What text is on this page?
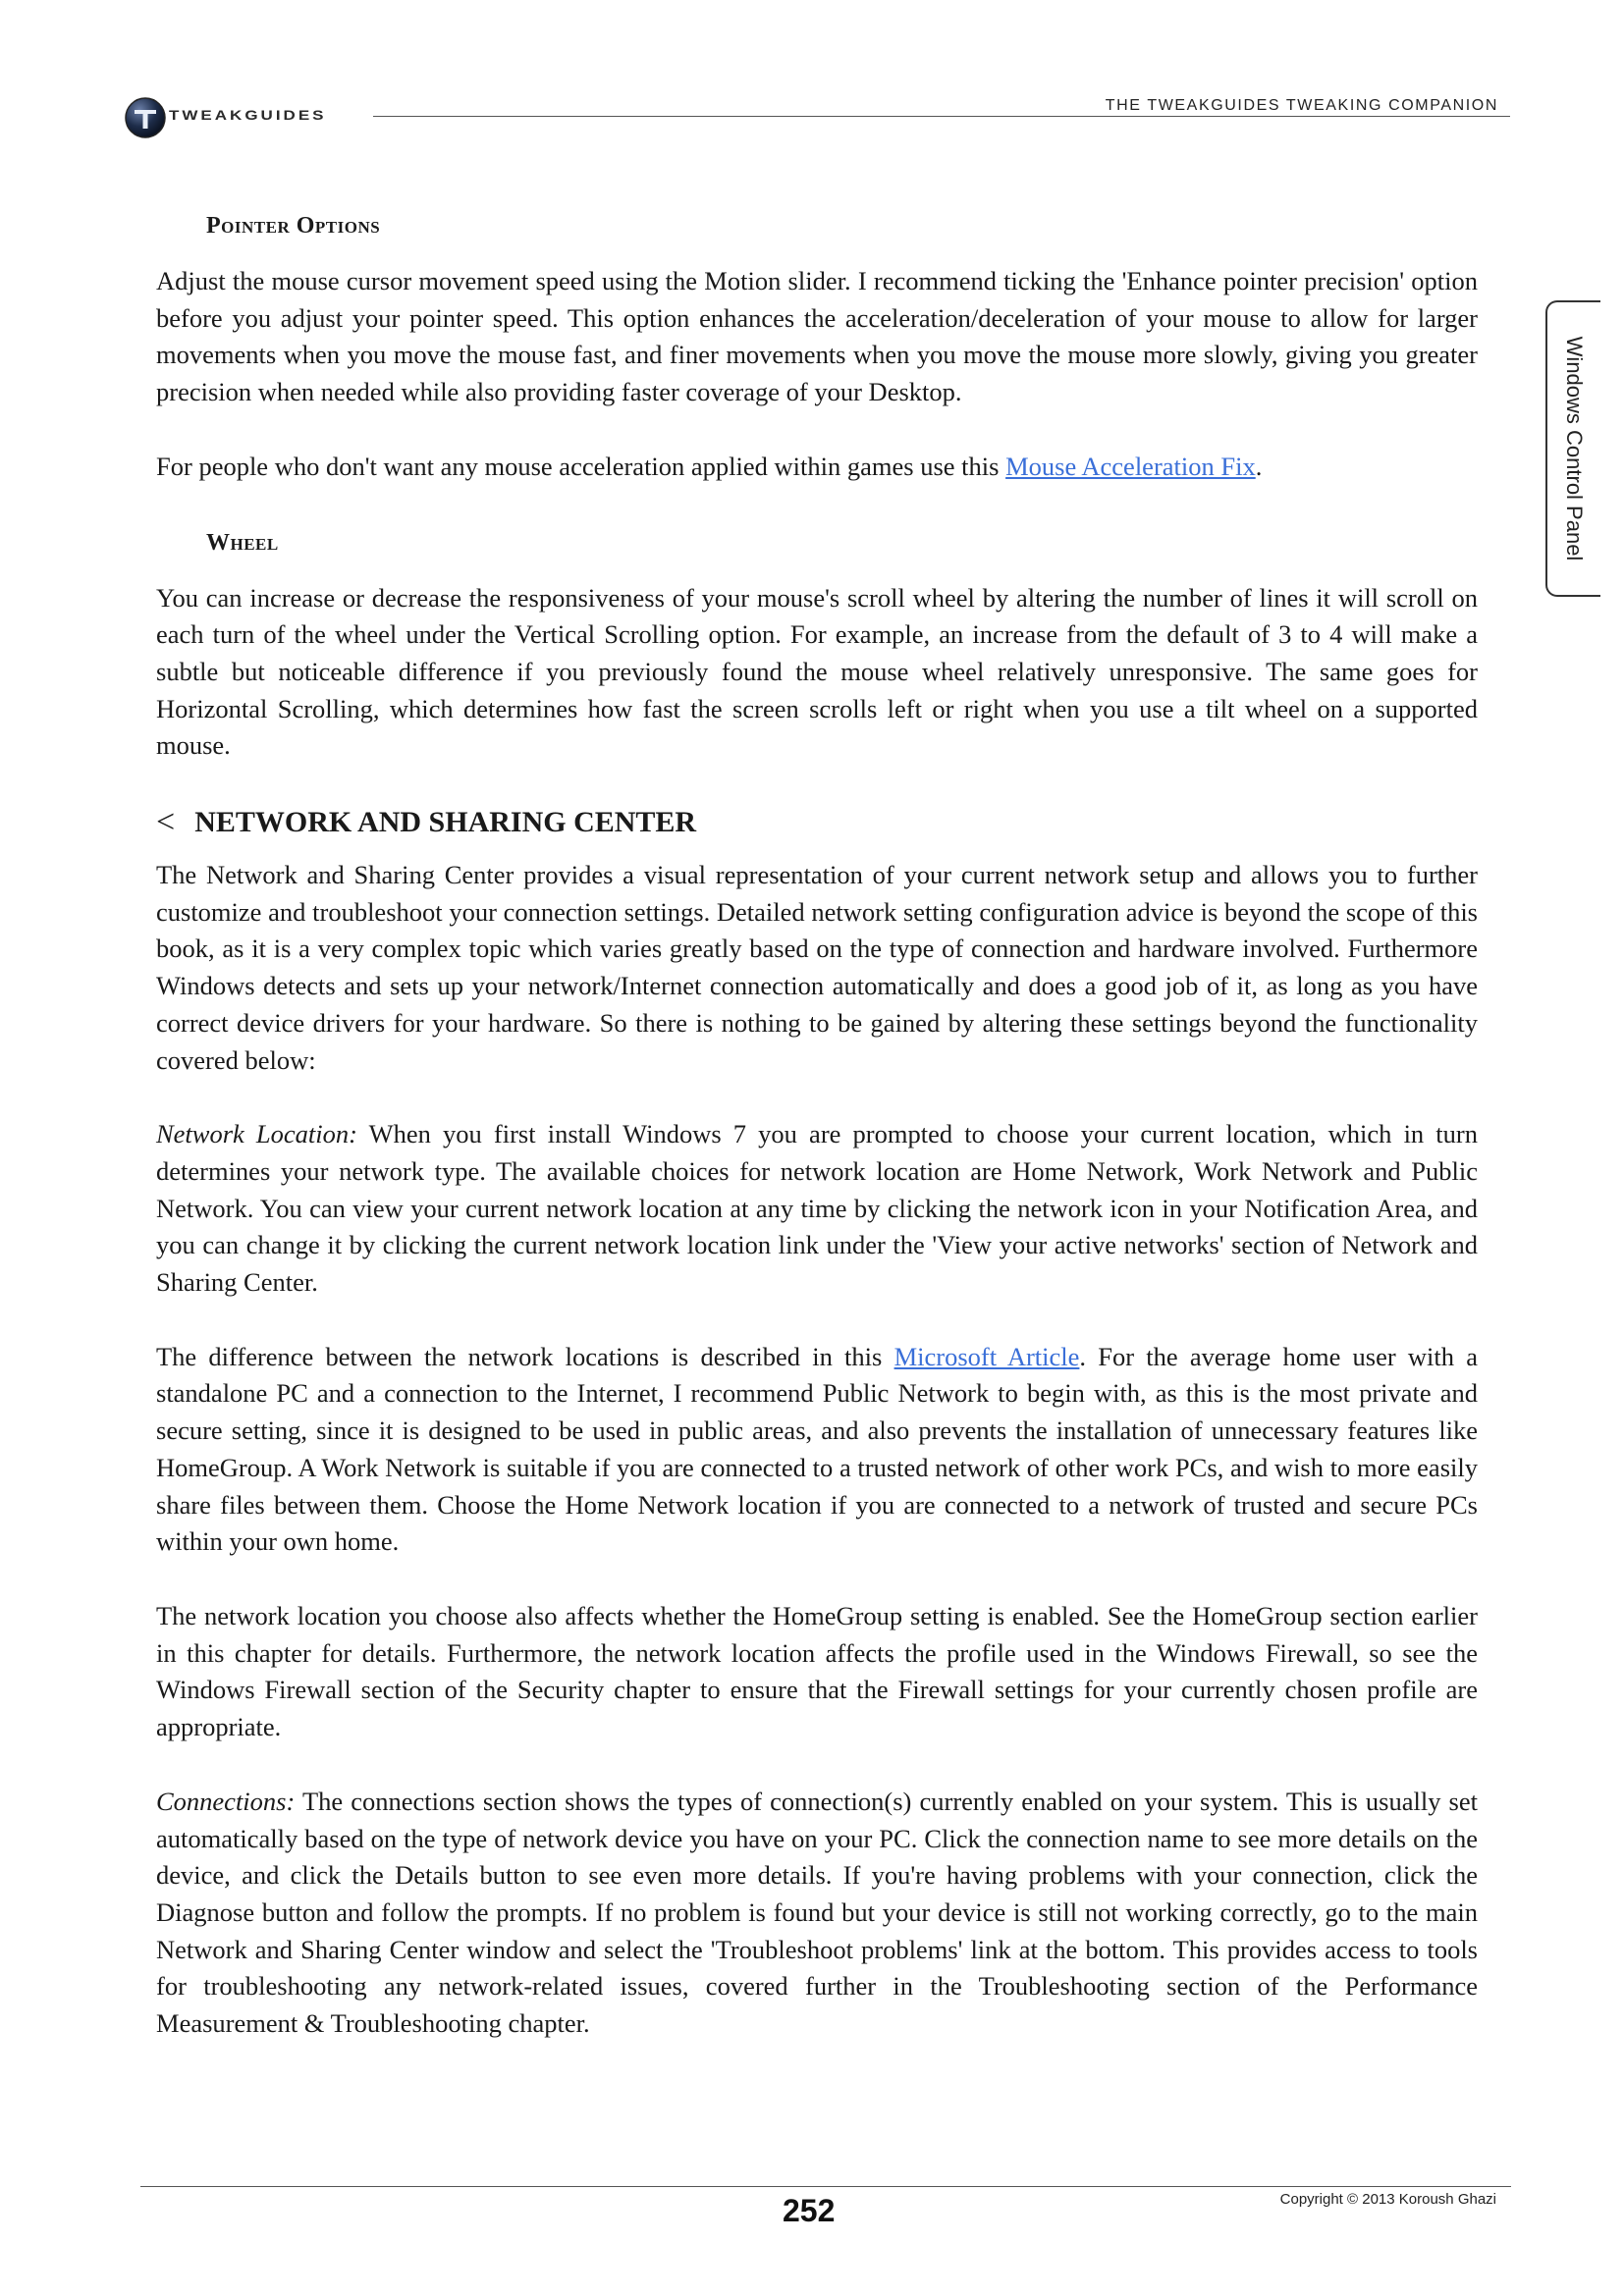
TWEAKGUIDES
THE TWEAKGUIDES TWEAKING COMPANION
Windows Control Panel
Pointer Options

Adjust the mouse cursor movement speed using the Motion slider. I recommend ticking the 'Enhance pointer precision' option before you adjust your pointer speed. This option enhances the acceleration/deceleration of your mouse to allow for larger movements when you move the mouse fast, and finer movements when you move the mouse more slowly, giving you greater precision when needed while also providing faster coverage of your Desktop.

For people who don't want any mouse acceleration applied within games use this Mouse Acceleration Fix.

Wheel

You can increase or decrease the responsiveness of your mouse's scroll wheel by altering the number of lines it will scroll on each turn of the wheel under the Vertical Scrolling option. For example, an increase from the default of 3 to 4 will make a subtle but noticeable difference if you previously found the mouse wheel relatively unresponsive. The same goes for Horizontal Scrolling, which determines how fast the screen scrolls left or right when you use a tilt wheel on a supported mouse.

< NETWORK AND SHARING CENTER

The Network and Sharing Center provides a visual representation of your current network setup and allows you to further customize and troubleshoot your connection settings. Detailed network setting configuration advice is beyond the scope of this book, as it is a very complex topic which varies greatly based on the type of connection and hardware involved. Furthermore Windows detects and sets up your network/Internet connection automatically and does a good job of it, as long as you have correct device drivers for your hardware. So there is nothing to be gained by altering these settings beyond the functionality covered below:

Network Location: When you first install Windows 7 you are prompted to choose your current location, which in turn determines your network type. The available choices for network location are Home Network, Work Network and Public Network. You can view your current network location at any time by clicking the network icon in your Notification Area, and you can change it by clicking the current network location link under the 'View your active networks' section of Network and Sharing Center.

The difference between the network locations is described in this Microsoft Article. For the average home user with a standalone PC and a connection to the Internet, I recommend Public Network to begin with, as this is the most private and secure setting, since it is designed to be used in public areas, and also prevents the installation of unnecessary features like HomeGroup. A Work Network is suitable if you are connected to a trusted network of other work PCs, and wish to more easily share files between them. Choose the Home Network location if you are connected to a network of trusted and secure PCs within your own home.

The network location you choose also affects whether the HomeGroup setting is enabled. See the HomeGroup section earlier in this chapter for details. Furthermore, the network location affects the profile used in the Windows Firewall, so see the Windows Firewall section of the Security chapter to ensure that the Firewall settings for your currently chosen profile are appropriate.

Connections: The connections section shows the types of connection(s) currently enabled on your system. This is usually set automatically based on the type of network device you have on your PC. Click the connection name to see more details on the device, and click the Details button to see even more details. If you're having problems with your connection, click the Diagnose button and follow the prompts. If no problem is found but your device is still not working correctly, go to the main Network and Sharing Center window and select the 'Troubleshoot problems' link at the bottom. This provides access to tools for troubleshooting any network-related issues, covered further in the Troubleshooting section of the Performance Measurement & Troubleshooting chapter.

252	Copyright © 2013 Koroush Ghazi
